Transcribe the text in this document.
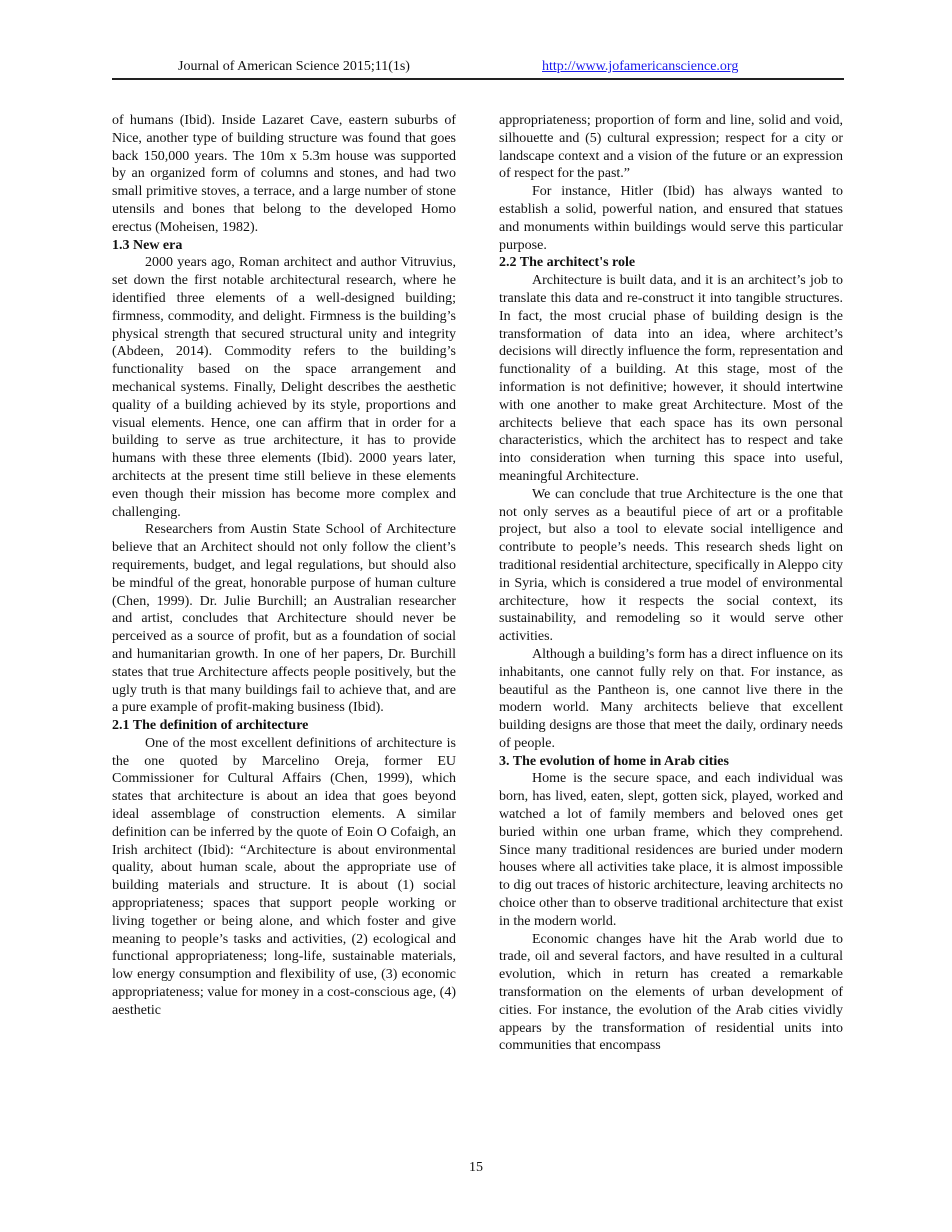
Journal of American Science 2015;11(1s)	http://www.jofamericanscience.org

of humans (Ibid). Inside Lazaret Cave, eastern suburbs of Nice, another type of building structure was found that goes back 150,000 years. The 10m x 5.3m house was supported by an organized form of columns and stones, and had two small primitive stoves, a terrace, and a large number of stone utensils and bones that belong to the developed Homo erectus (Moheisen, 1982).

1.3 New era

2000 years ago, Roman architect and author Vitruvius, set down the first notable architectural research, where he identified three elements of a well-designed building; firmness, commodity, and delight. Firmness is the building’s physical strength that secured structural unity and integrity (Abdeen, 2014). Commodity refers to the building’s functionality based on the space arrangement and mechanical systems. Finally, Delight describes the aesthetic quality of a building achieved by its style, proportions and visual elements. Hence, one can affirm that in order for a building to serve as true architecture, it has to provide humans with these three elements (Ibid). 2000 years later, architects at the present time still believe in these elements even though their mission has become more complex and challenging.

Researchers from Austin State School of Architecture believe that an Architect should not only follow the client’s requirements, budget, and legal regulations, but should also be mindful of the great, honorable purpose of human culture (Chen, 1999). Dr. Julie Burchill; an Australian researcher and artist, concludes that Architecture should never be perceived as a source of profit, but as a foundation of social and humanitarian growth. In one of her papers, Dr. Burchill states that true Architecture affects people positively, but the ugly truth is that many buildings fail to achieve that, and are a pure example of profit-making business (Ibid).

2.1 The definition of architecture

One of the most excellent definitions of architecture is the one quoted by Marcelino Oreja, former EU Commissioner for Cultural Affairs (Chen, 1999), which states that architecture is about an idea that goes beyond ideal assemblage of construction elements. A similar definition can be inferred by the quote of Eoin O Cofaigh, an Irish architect (Ibid): “Architecture is about environmental quality, about human scale, about the appropriate use of building materials and structure. It is about (1) social appropriateness; spaces that support people working or living together or being alone, and which foster and give meaning to people’s tasks and activities, (2) ecological and functional appropriateness; long-life, sustainable materials, low energy consumption and flexibility of use, (3) economic appropriateness; value for money in a cost-conscious age, (4) aesthetic

appropriateness; proportion of form and line, solid and void, silhouette and (5) cultural expression; respect for a city or landscape context and a vision of the future or an expression of respect for the past.”

For instance, Hitler (Ibid) has always wanted to establish a solid, powerful nation, and ensured that statues and monuments within buildings would serve this particular purpose.

2.2 The architect's role

Architecture is built data, and it is an architect’s job to translate this data and re-construct it into tangible structures. In fact, the most crucial phase of building design is the transformation of data into an idea, where architect’s decisions will directly influence the form, representation and functionality of a building. At this stage, most of the information is not definitive; however, it should intertwine with one another to make great Architecture. Most of the architects believe that each space has its own personal characteristics, which the architect has to respect and take into consideration when turning this space into useful, meaningful Architecture.

We can conclude that true Architecture is the one that not only serves as a beautiful piece of art or a profitable project, but also a tool to elevate social intelligence and contribute to people’s needs. This research sheds light on traditional residential architecture, specifically in Aleppo city in Syria, which is considered a true model of environmental architecture, how it respects the social context, its sustainability, and remodeling so it would serve other activities.

Although a building’s form has a direct influence on its inhabitants, one cannot fully rely on that. For instance, as beautiful as the Pantheon is, one cannot live there in the modern world. Many architects believe that excellent building designs are those that meet the daily, ordinary needs of people.

3. The evolution of home in Arab cities

Home is the secure space, and each individual was born, has lived, eaten, slept, gotten sick, played, worked and watched a lot of family members and beloved ones get buried within one urban frame, which they comprehend. Since many traditional residences are buried under modern houses where all activities take place, it is almost impossible to dig out traces of historic architecture, leaving architects no choice other than to observe traditional architecture that exist in the modern world.

Economic changes have hit the Arab world due to trade, oil and several factors, and have resulted in a cultural evolution, which in return has created a remarkable transformation on the elements of urban development of cities. For instance, the evolution of the Arab cities vividly appears by the transformation of residential units into communities that encompass

15
